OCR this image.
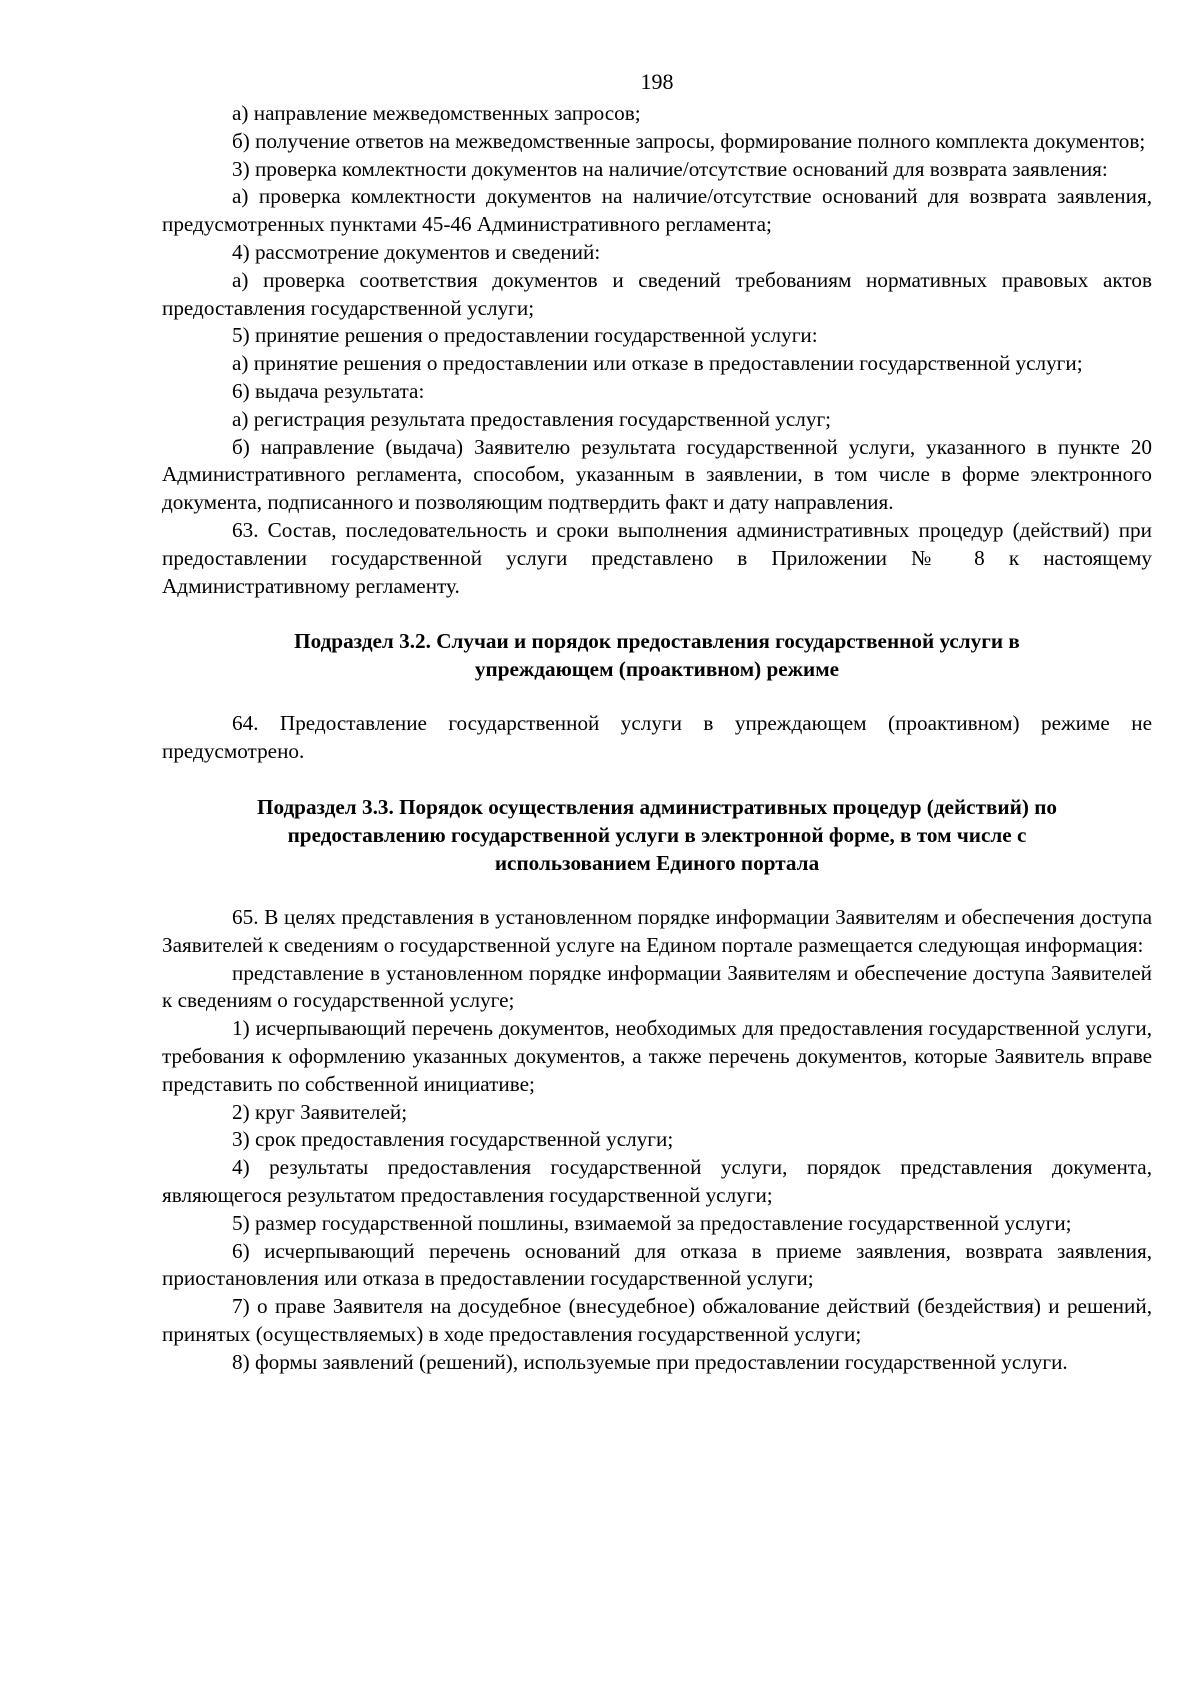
198

а) направление межведомственных запросов;

б) получение ответов на межведомственные запросы, формирование полного комплекта документов;

3) проверка комлектности документов на наличие/отсутствие оснований для возврата заявления:

а) проверка комлектности документов на наличие/отсутствие оснований для возврата заявления, предусмотренных пунктами 45-46 Административного регламента;

4) рассмотрение документов и сведений:

а) проверка соответствия документов и сведений требованиям нормативных правовых актов предоставления государственной услуги;

5) принятие решения о предоставлении государственной услуги:

а) принятие решения о предоставлении или отказе в предоставлении государственной услуги;

6) выдача результата:

а) регистрация результата предоставления государственной услуг;

б) направление (выдача) Заявителю результата государственной услуги, указанного в пункте 20 Административного регламента, способом, указанным в заявлении, в том числе в форме электронного документа, подписанного и позволяющим подтвердить факт и дату направления.

63. Состав, последовательность и сроки выполнения административных процедур (действий) при предоставлении государственной услуги представлено в Приложении № 8 к настоящему Административному регламенту.

Подраздел 3.2. Случаи и порядок предоставления государственной услуги в
упреждающем (проактивном) режиме

64. Предоставление государственной услуги в упреждающем (проактивном) режиме не предусмотрено.

Подраздел 3.3. Порядок осуществления административных процедур (действий) по
предоставлению государственной услуги в электронной форме, в том числе с
использованием Единого портала

65. В целях представления в установленном порядке информации Заявителям и обеспечения доступа Заявителей к сведениям о государственной услуге на Едином портале размещается следующая информация:

представление в установленном порядке информации Заявителям и обеспечение доступа Заявителей к сведениям о государственной услуге;

1) исчерпывающий перечень документов, необходимых для предоставления государственной услуги, требования к оформлению указанных документов, а также перечень документов, которые Заявитель вправе представить по собственной инициативе;

2) круг Заявителей;

3) срок предоставления государственной услуги;

4) результаты предоставления государственной услуги, порядок представления документа, являющегося результатом предоставления государственной услуги;

5) размер государственной пошлины, взимаемой за предоставление государственной услуги;

6) исчерпывающий перечень оснований для отказа в приеме заявления, возврата заявления, приостановления или отказа в предоставлении государственной услуги;

7) о праве Заявителя на досудебное (внесудебное) обжалование действий (бездействия) и решений, принятых (осуществляемых) в ходе предоставления государственной услуги;

8) формы заявлений (решений), используемые при предоставлении государственной услуги.
